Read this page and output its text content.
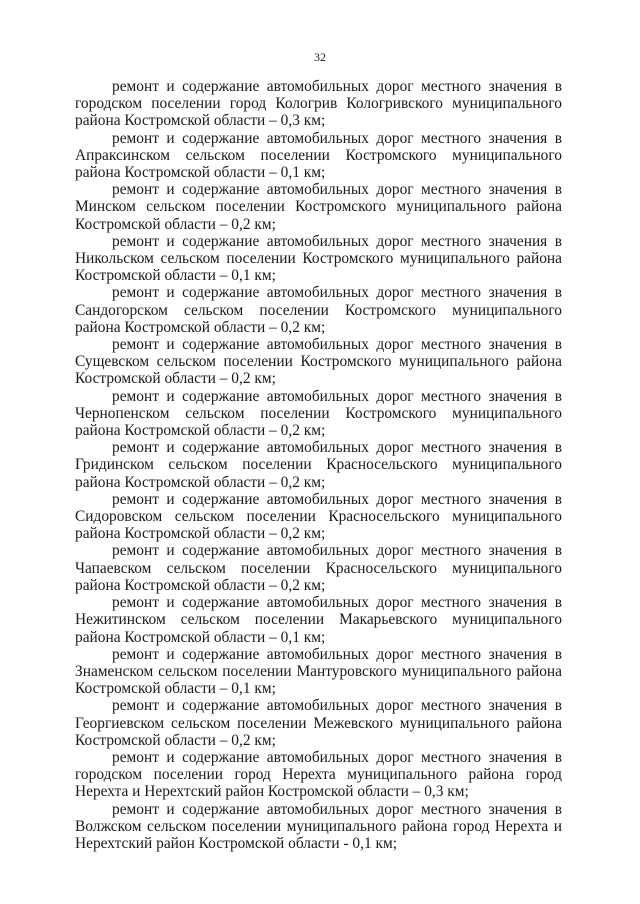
32

ремонт и содержание автомобильных дорог местного значения в городском поселении город Кологрив Кологривского муниципального района Костромской области – 0,3 км;

ремонт и содержание автомобильных дорог местного значения в Апраксинском сельском поселении Костромского муниципального района Костромской области – 0,1 км;

ремонт и содержание автомобильных дорог местного значения в Минском сельском поселении Костромского муниципального района Костромской области – 0,2 км;

ремонт и содержание автомобильных дорог местного значения в Никольском сельском поселении Костромского муниципального района Костромской области – 0,1 км;

ремонт и содержание автомобильных дорог местного значения в Сандогорском сельском поселении Костромского муниципального района Костромской области – 0,2 км;

ремонт и содержание автомобильных дорог местного значения в Сущевском сельском поселении Костромского муниципального района Костромской области – 0,2 км;

ремонт и содержание автомобильных дорог местного значения в Чернопенском сельском поселении Костромского муниципального района Костромской области – 0,2 км;

ремонт и содержание автомобильных дорог местного значения в Гридинском сельском поселении Красносельского муниципального района Костромской области – 0,2 км;

ремонт и содержание автомобильных дорог местного значения в Сидоровском сельском поселении Красносельского муниципального района Костромской области – 0,2 км;

ремонт и содержание автомобильных дорог местного значения в Чапаевском сельском поселении Красносельского муниципального района Костромской области – 0,2 км;

ремонт и содержание автомобильных дорог местного значения в Нежитинском сельском поселении Макарьевского муниципального района Костромской области – 0,1 км;

ремонт и содержание автомобильных дорог местного значения в Знаменском сельском поселении Мантуровского муниципального района Костромской области – 0,1 км;

ремонт и содержание автомобильных дорог местного значения в Георгиевском сельском поселении Межевского муниципального района Костромской области – 0,2 км;

ремонт и содержание автомобильных дорог местного значения в городском поселении город Нерехта муниципального района город Нерехта и Нерехтский район Костромской области – 0,3 км;

ремонт и содержание автомобильных дорог местного значения в Волжском сельском поселении муниципального района город Нерехта и Нерехтский район Костромской области - 0,1 км;
